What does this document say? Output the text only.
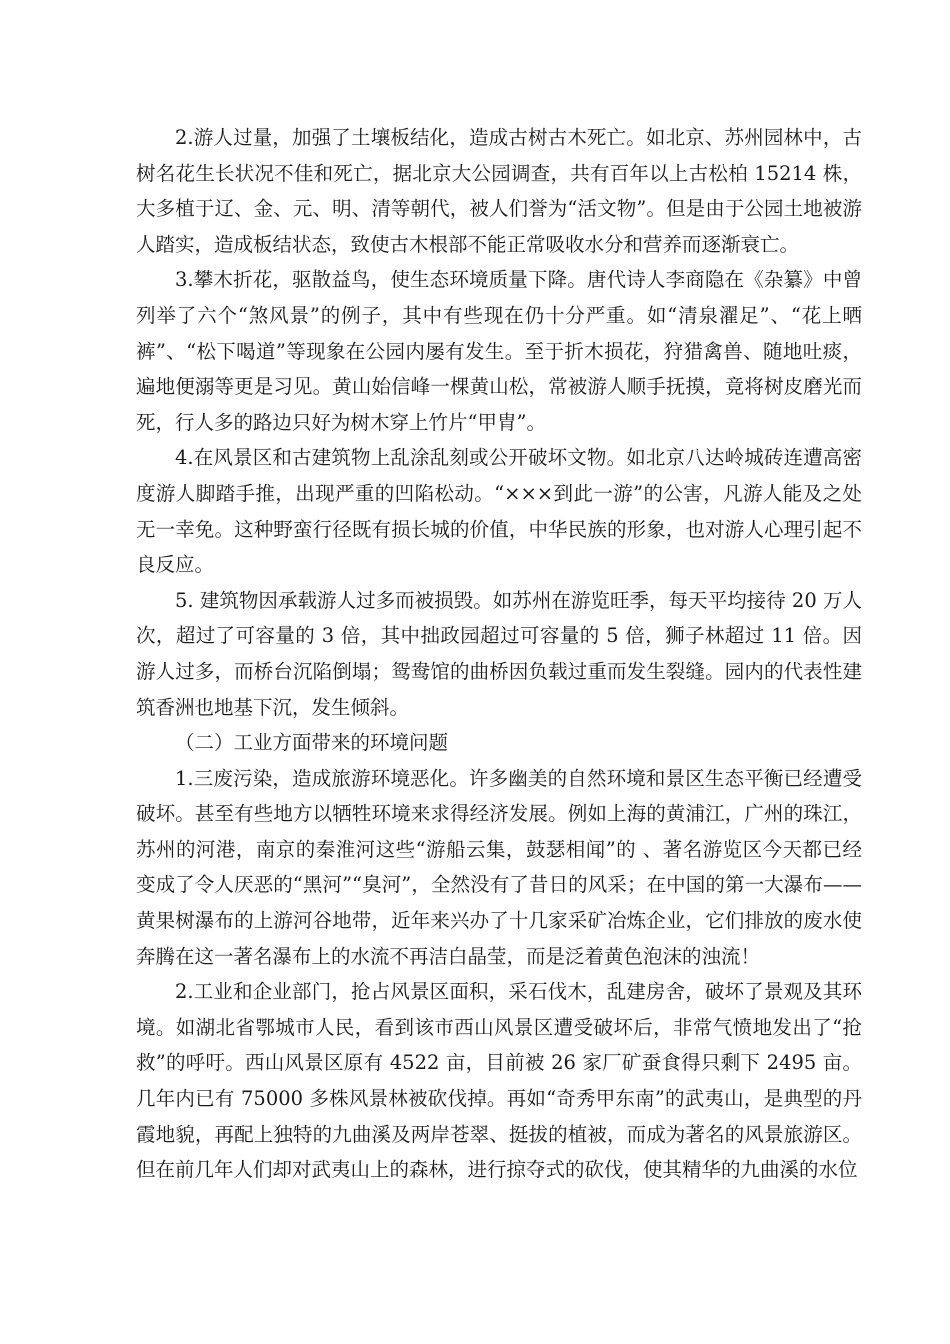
2.游人过量，加强了土壤板结化，造成古树古木死亡。如北京、苏州园林中，古树名花生长状况不佳和死亡，据北京大公园调查，共有百年以上古松柏 15214 株，大多植于辽、金、元、明、清等朝代，被人们誉为“活文物”。但是由于公园土地被游人踏实，造成板结状态，致使古木根部不能正常吸收水分和营养而逐渐衰亡。

3.攀木折花，驱散益鸟，使生态环境质量下降。唐代诗人李商隐在《杂纂》中曾列举了六个“煞风景”的例子，其中有些现在仍十分严重。如“清泉濯足”、“花上晒裤”、“松下喝道”等现象在公园内屡有发生。至于折木损花，狩猎禽兽、随地吐痰，遍地便溺等更是习见。黄山始信峰一棵黄山松，常被游人顺手抚摸，竟将树皮磨光而死，行人多的路边只好为树木穿上竹片“甲胄”。

4.在风景区和古建筑物上乱涂乱刻或公开破坏文物。如北京八达岭城砖连遭高密度游人脚踏手推，出现严重的凹陷松动。“×××到此一游”的公害，凡游人能及之处无一幸免。这种野蛮行径既有损长城的价值，中华民族的形象，也对游人心理引起不良反应。

5. 建筑物因承载游人过多而被损毁。如苏州在游览旺季，每天平均接待 20 万人次，超过了可容量的 3 倍，其中拙政园超过可容量的 5 倍，狮子林超过 11 倍。因游人过多，而桥台沉陷倒塌；鸳鸯馆的曲桥因负载过重而发生裂缝。园内的代表性建筑香洲也地基下沉，发生倾斜。

（二）工业方面带来的环境问题

1.三废污染，造成旅游环境恶化。许多幽美的自然环境和景区生态平衡已经遭受破坏。甚至有些地方以牺牲环境来求得经济发展。例如上海的黄浦江，广州的珠江，苏州的河港，南京的秦淮河这些“游船云集，鼓瑟相闻”的 、著名游览区今天都已经变成了令人厌恶的“黑河”“臭河”，全然没有了昔日的风采；在中国的第一大瀑布——黄果树瀑布的上游河谷地带，近年来兴办了十几家采矿冶炼企业，它们排放的废水使奔腾在这一著名瀑布上的水流不再洁白晶莹，而是泛着黄色泡沫的浊流！

2.工业和企业部门，抢占风景区面积，采石伐木，乱建房舍，破坏了景观及其环境。如湖北省鄂城市人民，看到该市西山风景区遭受破坏后，非常气愤地发出了“抢救”的呼吁。西山风景区原有 4522 亩，目前被 26 家厂矿蚕食得只剩下 2495 亩。几年内已有 75000 多株风景林被砍伐掉。再如“奇秀甲东南”的武夷山，是典型的丹霞地貌，再配上独特的九曲溪及两岸苍翠、挺拔的植被，而成为著名的风景旅游区。但在前几年人们却对武夷山上的森林，进行掠夺式的砍伐，使其精华的九曲溪的水位
